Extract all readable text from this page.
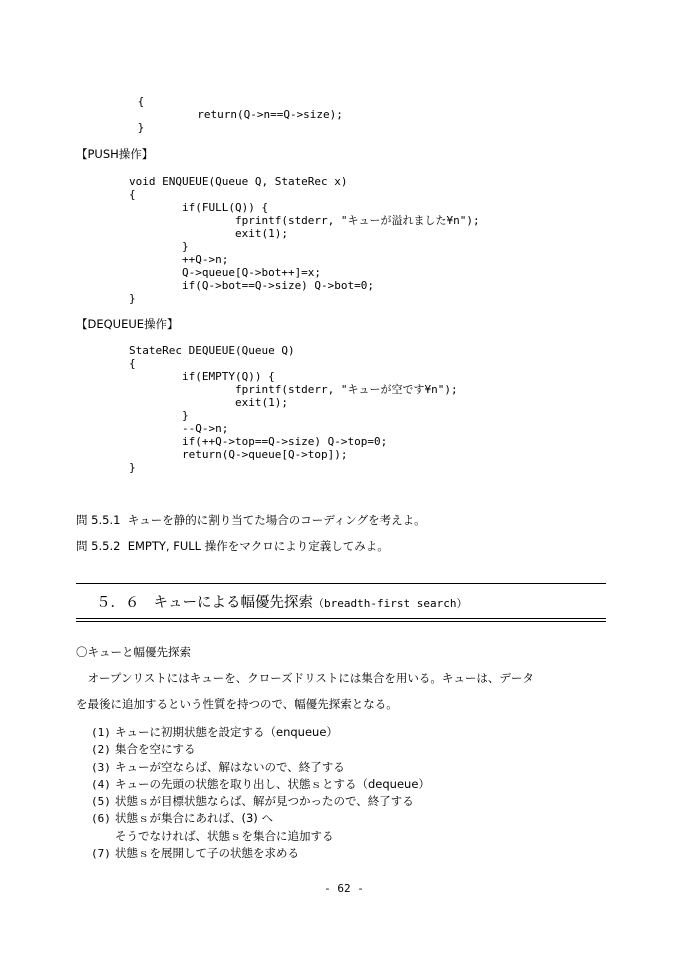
{
return(Q->n==Q->size);
}
【PUSH操作】
void ENQUEUE(Queue Q, StateRec x)
{
if(FULL(Q)) {
fprintf(stderr, "キューが溢れました¥n");
exit(1);
}
++Q->n;
Q->queue[Q->bot++]=x;
if(Q->bot==Q->size) Q->bot=0;
}
【DEQUEUE操作】
StateRec DEQUEUE(Queue Q)
{
if(EMPTY(Q)) {
fprintf(stderr, "キューが空です¥n");
exit(1);
}
--Q->n;
if(++Q->top==Q->size) Q->top=0;
return(Q->queue[Q->top]);
}
問 5.5.1  キューを静的に割り当てた場合のコーディングを考えよ。
問 5.5.2  EMPTY, FULL 操作をマクロにより定義してみよ。
５．６　 キューによる幅優先探索（breadth-first search）
〇キューと幅優先探索
　オープンリストにはキューを、クローズドリストには集合を用いる。キューは、データ
を最後に追加するという性質を持つので、幅優先探索となる。
(1) キューに初期状態を設定する（enqueue）
(2) 集合を空にする
(3) キューが空ならば、解はないので、終了する
(4) キューの先頭の状態を取り出し、状態ｓとする（dequeue）
(5) 状態ｓが目標状態ならば、解が見つかったので、終了する
(6) 状態ｓが集合にあれば、(3) へ
そうでなければ、状態ｓを集合に追加する
(7) 状態ｓを展開して子の状態を求める
- 62 -
